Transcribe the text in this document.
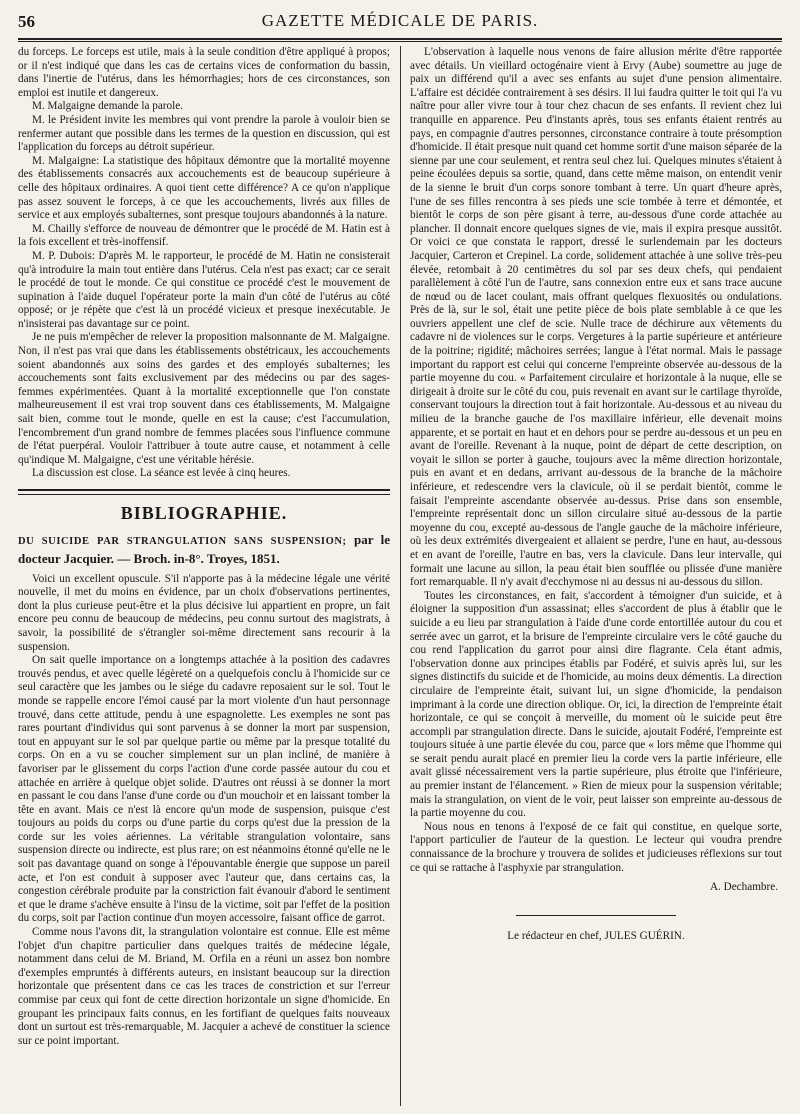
56	GAZETTE MÉDICALE DE PARIS.

du forceps. Le forceps est utile, mais à la seule condition d'être appliqué à propos; or il n'est indiqué que dans les cas de certains vices de conformation du bassin, dans l'inertie de l'utérus, dans les hémorrhagies; hors de ces circonstances, son emploi est inutile et dangereux.

M. Malgaigne demande la parole.

M. le Président invite les membres qui vont prendre la parole à vouloir bien se renfermer autant que possible dans les termes de la question en discussion, qui est l'application du forceps au détroit supérieur.

M. Malgaigne: La statistique des hôpitaux démontre que la mortalité moyenne des établissements consacrés aux accouchements est de beaucoup supérieure à celle des hôpitaux ordinaires. A quoi tient cette différence? A ce qu'on n'applique pas assez souvent le forceps, à ce que les accouchements, livrés aux filles de service et aux employés subalternes, sont presque toujours abandonnés à la nature.

M. Chailly s'efforce de nouveau de démontrer que le procédé de M. Hatin est à la fois excellent et très-inoffensif.

M. P. Dubois: D'après M. le rapporteur, le procédé de M. Hatin ne consisterait qu'à introduire la main tout entière dans l'utérus. Cela n'est pas exact; car ce serait le procédé de tout le monde. Ce qui constitue ce procédé c'est le mouvement de supination à l'aide duquel l'opérateur porte la main d'un côté de l'utérus au côté opposé; or je répète que c'est là un procédé vicieux et presque inexécutable. Je n'insisterai pas davantage sur ce point.

Je ne puis m'empêcher de relever la proposition malsonnante de M. Malgaigne. Non, il n'est pas vrai que dans les établissements obstétricaux, les accouchements soient abandonnés aux soins des gardes et des employés subalternes; les accouchements sont faits exclusivement par des médecins ou par des sages-femmes expérimentées. Quant à la mortalité exceptionnelle que l'on constate malheureusement il est vrai trop souvent dans ces établissements, M. Malgaigne sait bien, comme tout le monde, quelle en est la cause; c'est l'accumulation, l'encombrement d'un grand nombre de femmes placées sous l'influence commune de l'état puerpéral. Vouloir l'attribuer à toute autre cause, et notamment à celle qu'indique M. Malgaigne, c'est une véritable hérésie.

La discussion est close. La séance est levée à cinq heures.

BIBLIOGRAPHIE.

DU SUICIDE PAR STRANGULATION SANS SUSPENSION; par le docteur Jacquier. — Broch. in-8°. Troyes, 1851.

Voici un excellent opuscule. S'il n'apporte pas à la médecine légale une vérité nouvelle, il met du moins en évidence, par un choix d'observations pertinentes, dont la plus curieuse peut-être et la plus décisive lui appartient en propre, un fait encore peu connu de beaucoup de médecins, peu connu surtout des magistrats, à savoir, la possibilité de s'étrangler soi-même directement sans recourir à la suspension.

On sait quelle importance on a longtemps attachée à la position des cadavres trouvés pendus, et avec quelle légèreté on a quelquefois conclu à l'homicide sur ce seul caractère que les jambes ou le siége du cadavre reposaient sur le sol. Tout le monde se rappelle encore l'émoi causé par la mort violente d'un haut personnage trouvé, dans cette attitude, pendu à une espagnolette. Les exemples ne sont pas rares pourtant d'individus qui sont parvenus à se donner la mort par suspension, tout en appuyant sur le sol par quelque partie ou même par la presque totalité du corps. On en a vu se coucher simplement sur un plan incliné, de manière à favoriser par le glissement du corps l'action d'une corde passée autour du cou et attachée en arrière à quelque objet solide. D'autres ont réussi à se donner la mort en passant le cou dans l'anse d'une corde ou d'un mouchoir et en laissant tomber la tête en avant. Mais ce n'est là encore qu'un mode de suspension, puisque c'est toujours au poids du corps ou d'une partie du corps qu'est due la pression de la corde sur les voies aériennes. La véritable strangulation volontaire, sans suspension directe ou indirecte, est plus rare; on est néanmoins étonné qu'elle ne le soit pas davantage quand on songe à l'épouvantable énergie que suppose un pareil acte, et l'on est conduit à supposer avec l'auteur que, dans certains cas, la congestion cérébrale produite par la constriction fait évanouir d'abord le sentiment et que le drame s'achève ensuite à l'insu de la victime, soit par l'effet de la position du corps, soit par l'action continue d'un moyen accessoire, faisant office de garrot.

Comme nous l'avons dit, la strangulation volontaire est connue. Elle est même l'objet d'un chapitre particulier dans quelques traités de médecine légale, notamment dans celui de M. Briand, M. Orfila en a réuni un assez bon nombre d'exemples empruntés à différents auteurs, en insistant beaucoup sur la direction horizontale que présentent dans ce cas les traces de constriction et sur l'erreur commise par ceux qui font de cette direction horizontale un signe d'homicide. En groupant les principaux faits connus, en les fortifiant de quelques faits nouveaux dont un surtout est très-remarquable, M. Jacquier a achevé de constituer la science sur ce point important.

L'observation à laquelle nous venons de faire allusion mérite d'être rapportée avec détails. Un vieillard octogénaire vient à Ervy (Aube) soumettre au juge de paix un différend qu'il a avec ses enfants au sujet d'une pension alimentaire. L'affaire est décidée contrairement à ses désirs. Il lui faudra quitter le toit qui l'a vu naître pour aller vivre tour à tour chez chacun de ses enfants. Il revient chez lui tranquille en apparence. Peu d'instants après, tous ses enfants étaient rentrés au pays, en compagnie d'autres personnes, circonstance contraire à toute présomption d'homicide. Il était presque nuit quand cet homme sortit d'une maison séparée de la sienne par une cour seulement, et rentra seul chez lui. Quelques minutes s'étaient à peine écoulées depuis sa sortie, quand, dans cette même maison, on entendit venir de la sienne le bruit d'un corps sonore tombant à terre. Un quart d'heure après, l'une de ses filles rencontra à ses pieds une scie tombée à terre et démontée, et bientôt le corps de son père gisant à terre, au-dessous d'une corde attachée au plancher. Il donnait encore quelques signes de vie, mais il expira presque aussitôt. Or voici ce que constata le rapport, dressé le surlendemain par les docteurs Jacquier, Carteron et Crepinel. La corde, solidement attachée à une solive très-peu élevée, retombait à 20 centimètres du sol par ses deux chefs, qui pendaient parallèlement à côté l'un de l'autre, sans connexion entre eux et sans trace aucune de nœud ou de lacet coulant, mais offrant quelques flexuosités ou ondulations. Près de là, sur le sol, était une petite pièce de bois plate semblable à ce que les ouvriers appellent une clef de scie. Nulle trace de déchirure aux vêtements du cadavre ni de violences sur le corps. Vergetures à la partie supérieure et antérieure de la poitrine; rigidité; mâchoires serrées; langue à l'état normal. Mais le passage important du rapport est celui qui concerne l'empreinte observée au-dessous de la partie moyenne du cou. « Parfaitement circulaire et horizontale à la nuque, elle se dirigeait à droite sur le côté du cou, puis revenait en avant sur le cartilage thyroïde, conservant toujours la direction tout à fait horizontale. Au-dessous et au niveau du milieu de la branche gauche de l'os maxillaire inférieur, elle devenait moins apparente, et se portait en haut et en dehors pour se perdre au-dessous et un peu en avant de l'oreille. Revenant à la nuque, point de départ de cette description, on voyait le sillon se porter à gauche, toujours avec la même direction horizontale, puis en avant et en dedans, arrivant au-dessous de la branche de la mâchoire inférieure, et redescendre vers la clavicule, où il se perdait bientôt, comme le faisait l'empreinte ascendante observée au-dessus. Prise dans son ensemble, l'empreinte représentait donc un sillon circulaire situé au-dessous de la partie moyenne du cou, excepté au-dessous de l'angle gauche de la mâchoire inférieure, où les deux extrémités divergeaient et allaient se perdre, l'une en haut, au-dessous et en avant de l'oreille, l'autre en bas, vers la clavicule. Dans leur intervalle, qui formait une lacune au sillon, la peau était bien soufflée ou plissée d'une manière fort remarquable. Il n'y avait d'ecchymose ni au dessus ni au-dessous du sillon.

Toutes les circonstances, en fait, s'accordent à témoigner d'un suicide, et à éloigner la supposition d'un assassinat; elles s'accordent de plus à établir que le suicide a eu lieu par strangulation à l'aide d'une corde entortillée autour du cou et serrée avec un garrot, et la brisure de l'empreinte circulaire vers le côté gauche du cou rend l'application du garrot pour ainsi dire flagrante. Cela étant admis, l'observation donne aux principes établis par Fodéré, et suivis après lui, sur les signes distinctifs du suicide et de l'homicide, au moins deux démentis. La direction circulaire de l'empreinte était, suivant lui, un signe d'homicide, la pendaison imprimant à la corde une direction oblique. Or, ici, la direction de l'empreinte était horizontale, ce qui se conçoit à merveille, du moment où le suicide peut être accompli par strangulation directe. Dans le suicide, ajoutait Fodéré, l'empreinte est toujours située à une partie élevée du cou, parce que « lors même que l'homme qui se serait pendu aurait placé en premier lieu la corde vers la partie inférieure, elle avait glissé nécessairement vers la partie supérieure, plus étroite que l'inférieure, au premier instant de l'élancement. » Rien de mieux pour la suspension véritable; mais la strangulation, on vient de le voir, peut laisser son empreinte au-dessous de la partie moyenne du cou.

Nous nous en tenons à l'exposé de ce fait qui constitue, en quelque sorte, l'apport particulier de l'auteur de la question. Le lecteur qui voudra prendre connaissance de la brochure y trouvera de solides et judicieuses réflexions sur tout ce qui se rattache à l'asphyxie par strangulation.

A. Dechambre.
Le rédacteur en chef, JULES GUÉRIN.
